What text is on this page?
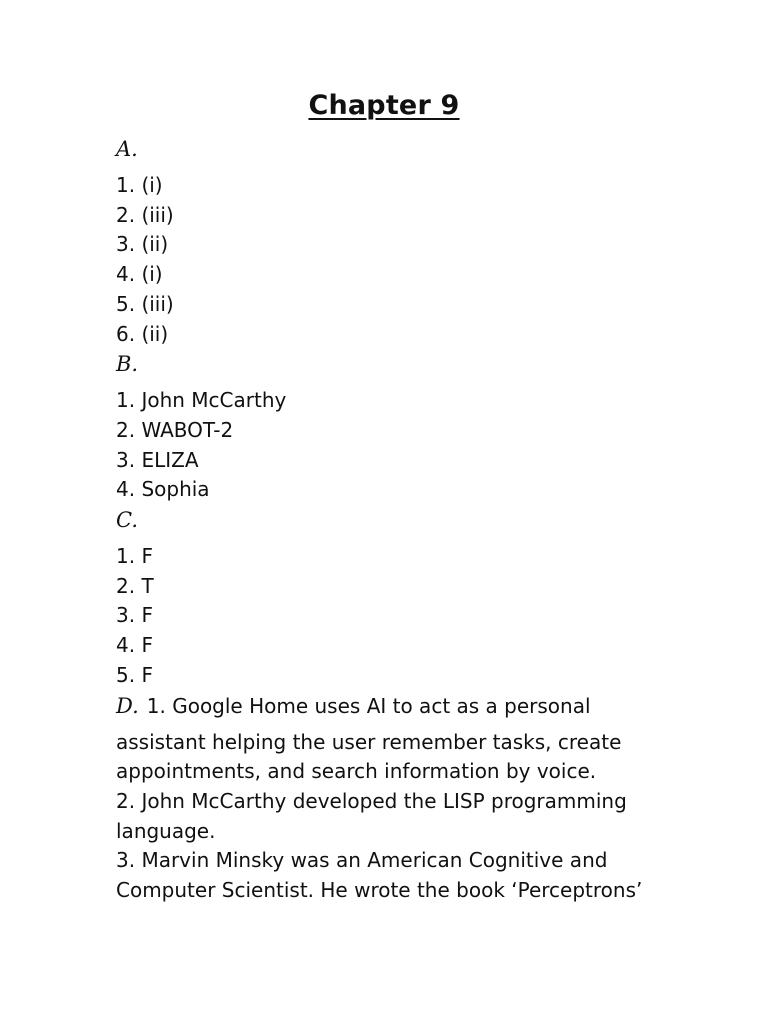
Chapter 9
A.
1. (i)
2. (iii)
3. (ii)
4. (i)
5. (iii)
6. (ii)
B.
1. John McCarthy
2. WABOT-2
3. ELIZA
4. Sophia
C.
1. F
2. T
3. F
4. F
5. F
D. 1. Google Home uses AI to act as a personal
assistant helping the user remember tasks, create
appointments, and search information by voice.
2. John McCarthy developed the LISP programming
language.
3. Marvin Minsky was an American Cognitive and
Computer Scientist. He wrote the book ‘Perceptrons’
